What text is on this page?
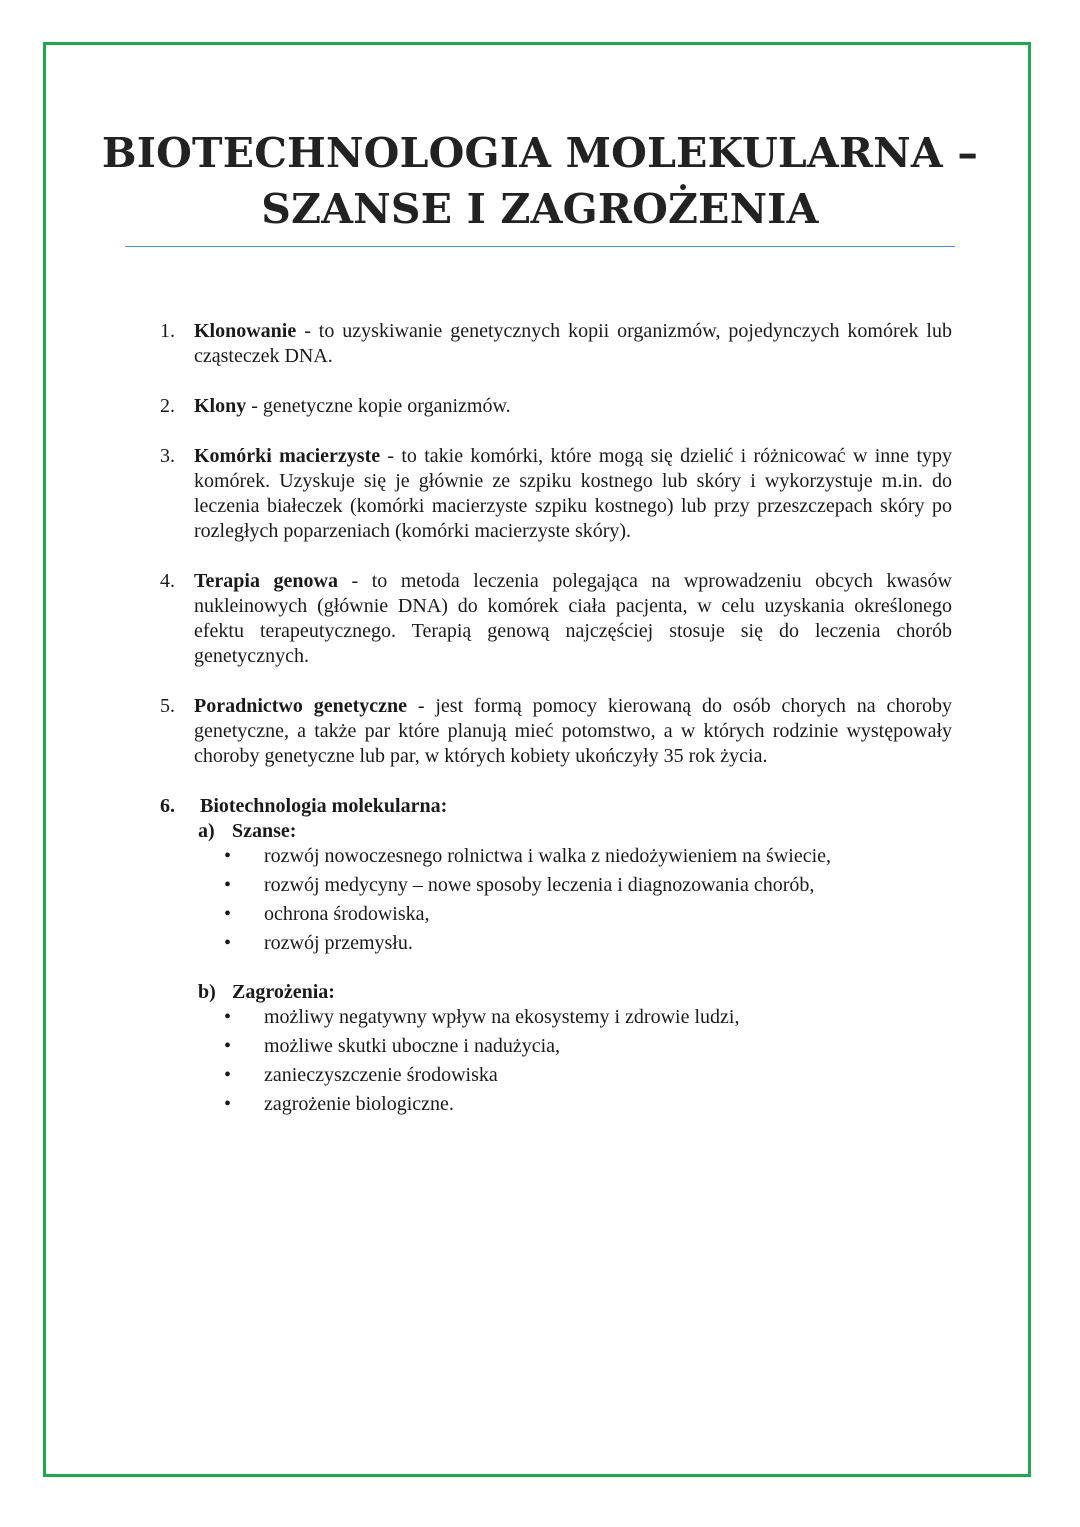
BIOTECHNOLOGIA MOLEKULARNA –
SZANSE I ZAGROŻENIA
1. Klonowanie - to uzyskiwanie genetycznych kopii organizmów, pojedynczych komórek lub cząsteczek DNA.
2. Klony - genetyczne kopie organizmów.
3. Komórki macierzyste - to takie komórki, które mogą się dzielić i różnicować w inne typy komórek. Uzyskuje się je głównie ze szpiku kostnego lub skóry i wykorzystuje m.in. do leczenia białeczek (komórki macierzyste szpiku kostnego) lub przy przeszczepach skóry po rozległych poparzeniach (komórki macierzyste skóry).
4. Terapia genowa - to metoda leczenia polegająca na wprowadzeniu obcych kwasów nukleinowych (głównie DNA) do komórek ciała pacjenta, w celu uzyskania określonego efektu terapeutycznego. Terapią genową najczęściej stosuje się do leczenia chorób genetycznych.
5. Poradnictwo genetyczne - jest formą pomocy kierowaną do osób chorych na choroby genetyczne, a także par które planują mieć potomstwo, a w których rodzinie występowały choroby genetyczne lub par, w których kobiety ukończyły 35 rok życia.
6. Biotechnologia molekularna:
a) Szanse:
• rozwój nowoczesnego rolnictwa i walka z niedożywieniem na świecie,
• rozwój medycyny – nowe sposoby leczenia i diagnozowania chorób,
• ochrona środowiska,
• rozwój przemysłu.
b) Zagrożenia:
• możliwy negatywny wpływ na ekosystemy i zdrowie ludzi,
• możliwe skutki uboczne i nadużycia,
• zanieczyszczenie środowiska
• zagrożenie biologiczne.
